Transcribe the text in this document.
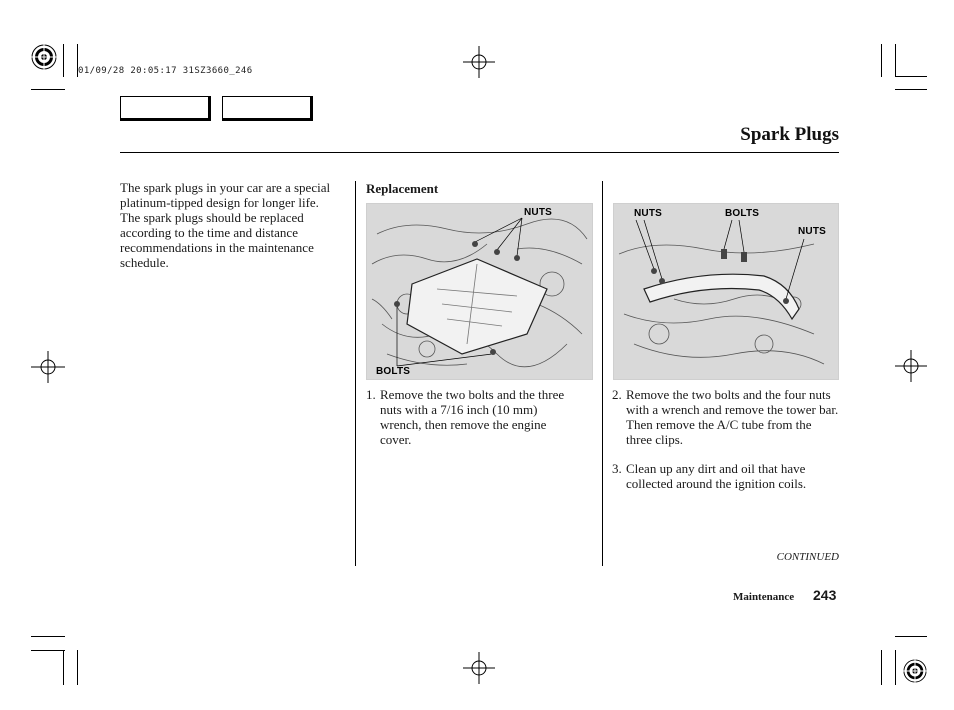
01/09/28 20:05:17 31SZ3660_246
Spark Plugs

The spark plugs in your car are a special platinum-tipped design for longer life. The spark plugs should be replaced according to the time and distance recommendations in the maintenance schedule.

Replacement
NUTS
BOLTS
NUTS	BOLTS
NUTS
1. Remove the two bolts and the three nuts with a 7/16 inch (10 mm) wrench, then remove the engine cover.
2. Remove the two bolts and the four nuts with a wrench and remove the tower bar. Then remove the A/C tube from the three clips.
3. Clean up any dirt and oil that have collected around the ignition coils.
CONTINUED
Maintenance 243
